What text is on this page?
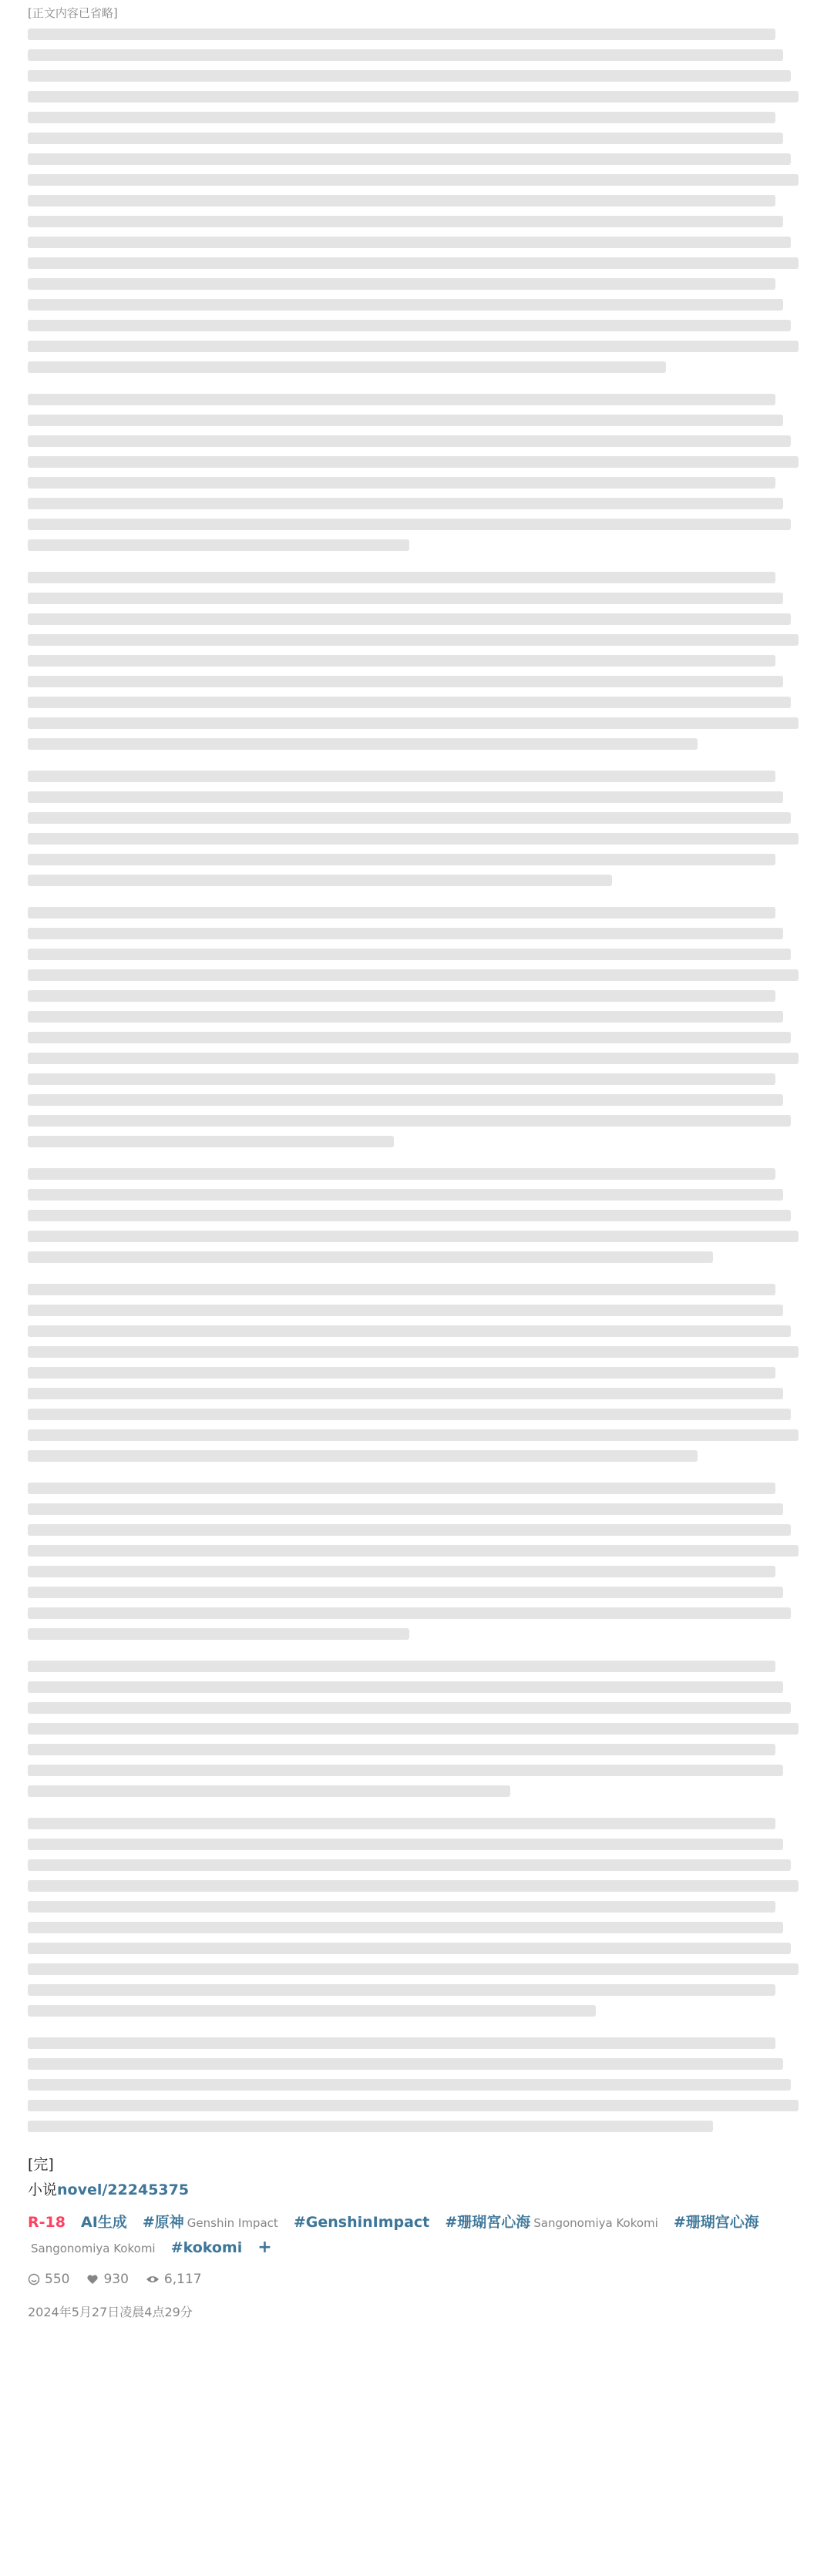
[正文内容已省略]
[完]
小说novel/22245375
R-18 AI生成 #原神 Genshin Impact #GenshinImpact #珊瑚宮心海 Sangonomiya Kokomi #珊瑚宫心海Sangonomiya Kokomi #kokomi +
550	930	6,117
2024年5月27日凌晨4点29分
